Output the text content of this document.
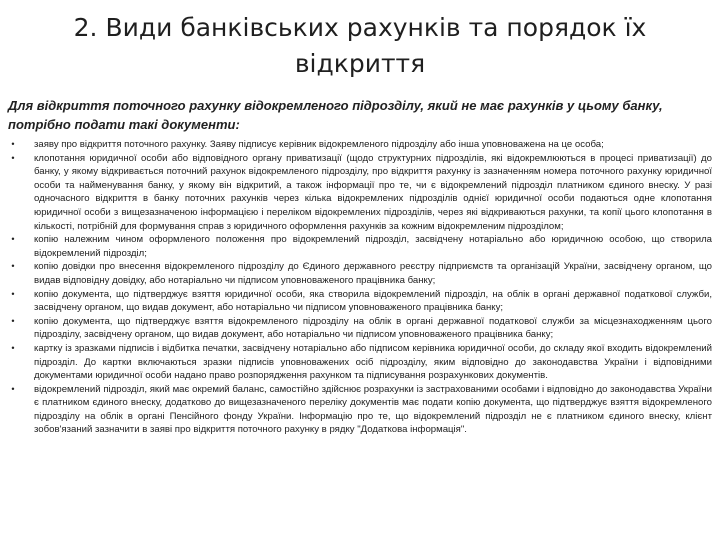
2. Види банківських рахунків та порядок їх відкриття

Для відкриття поточного рахунку відокремленого підрозділу, який не має рахунків у цьому банку, потрібно подати такі документи:

•	заяву про відкриття поточного рахунку. Заяву підписує керівник відокремленого підрозділу або інша уповноважена на це особа;
•	клопотання юридичної особи або відповідного органу приватизації (щодо структурних підрозділів, які відокремлюються в процесі приватизації) до банку, у якому відкривається поточний рахунок відокремленого підрозділу, про відкриття рахунку із зазначенням номера поточного рахунку юридичної особи та найменування банку, у якому він відкритий, а також інформації про те, чи є відокремлений підрозділ платником єдиного внеску. У разі одночасного відкриття в банку поточних рахунків через кілька відокремлених підрозділів однієї юридичної особи подаються одне клопотання юридичної особи з вищезазначеною інформацією і переліком відокремлених підрозділів, через які відкриваються рахунки, та копії цього клопотання в кількості, потрібній для формування справ з юридичного оформлення рахунків за кожним відокремленим підрозділом;
•	копію належним чином оформленого положення про відокремлений підрозділ, засвідчену нотаріально або юридичною особою, що створила відокремлений підрозділ;
•	копію довідки про внесення відокремленого підрозділу до Єдиного державного реєстру підприємств та організацій України, засвідчену органом, що видав відповідну довідку, або нотаріально чи підписом уповноваженого працівника банку;
•	копію документа, що підтверджує взяття юридичної особи, яка створила відокремлений підрозділ, на облік в органі державної податкової служби, засвідчену органом, що видав документ, або нотаріально чи підписом уповноваженого працівника банку;
•	копію документа, що підтверджує взяття відокремленого підрозділу на облік в органі державної податкової служби за місцезнаходженням цього підрозділу, засвідчену органом, що видав документ, або нотаріально чи підписом уповноваженого працівника банку;
•	картку із зразками підписів і відбитка печатки, засвідчену нотаріально або підписом керівника юридичної особи, до складу якої входить відокремлений підрозділ. До картки включаються зразки підписів уповноважених осіб підрозділу, яким відповідно до законодавства України і відповідними документами юридичної особи надано право розпорядження рахунком та підписування розрахункових документів.
•	відокремлений підрозділ, який має окремий баланс, самостійно здійснює розрахунки із застрахованими особами і відповідно до законодавства України є платником єдиного внеску, додатково до вищезазначеного переліку документів має подати копію документа, що підтверджує взяття відокремленого підрозділу на облік в органі Пенсійного фонду України. Інформацію про те, що відокремлений підрозділ не є платником єдиного внеску, клієнт зобов'язаний зазначити в заяві про відкриття поточного рахунку в рядку "Додаткова інформація".
